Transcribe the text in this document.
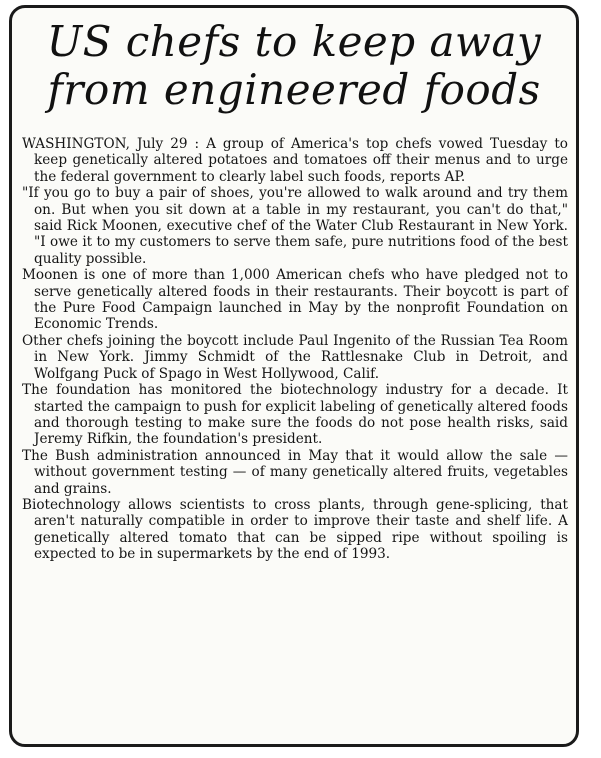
US chefs to keep away
from engineered foods

WASHINGTON, July 29 : A group of America's top chefs vowed Tuesday to keep genetically altered potatoes and tomatoes off their menus and to urge the federal government to clearly label such foods, reports AP.

"If you go to buy a pair of shoes, you're allowed to walk around and try them on. But when you sit down at a table in my restaurant, you can't do that," said Rick Moonen, executive chef of the Water Club Restaurant in New York. "I owe it to my customers to serve them safe, pure nutritions food of the best quality possible.

Moonen is one of more than 1,000 American chefs who have pledged not to serve genetically altered foods in their restaurants. Their boycott is part of the Pure Food Campaign launched in May by the nonprofit Foundation on Economic Trends.

Other chefs joining the boycott include Paul Ingenito of the Russian Tea Room in New York. Jimmy Schmidt of the Rattlesnake Club in Detroit, and Wolfgang Puck of Spago in West Hollywood, Calif.

The foundation has monitored the biotechnology industry for a decade. It started the campaign to push for explicit labeling of genetically altered foods and thorough testing to make sure the foods do not pose health risks, said Jeremy Rifkin, the foundation's president.

The Bush administration announced in May that it would allow the sale — without government testing — of many genetically altered fruits, vegetables and grains.

Biotechnology allows scientists to cross plants, through gene-splicing, that aren't naturally compatible in order to improve their taste and shelf life. A genetically altered tomato that can be sipped ripe without spoiling is expected to be in supermarkets by the end of 1993.
